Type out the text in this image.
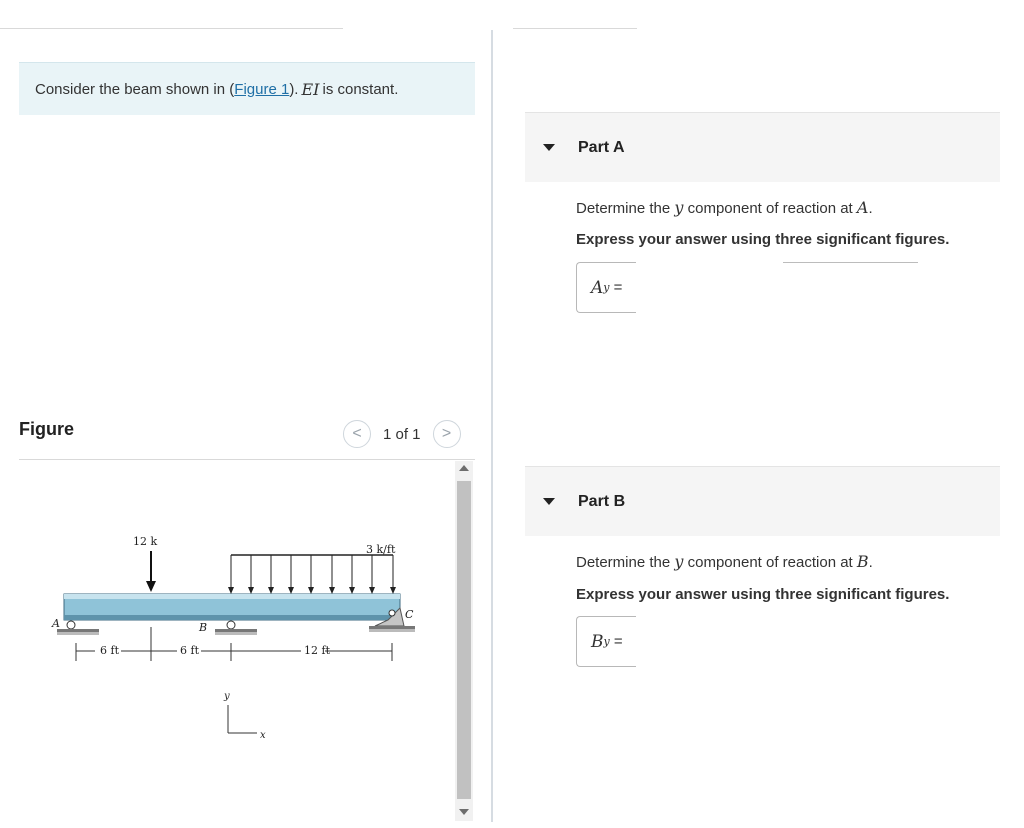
Consider the beam shown in ( Figure 1 ). EI is constant.
Figure	<	1 of 1	>
3 k/ft
12 k
A	B
C
6 ft	6 ft	12 ft
y
x
Part A
Determine the y component of reaction at A.
Express your answer using three significant figures.
A y
=
Part B
Determine the y component of reaction at B.
Express your answer using three significant figures.
B y
=
